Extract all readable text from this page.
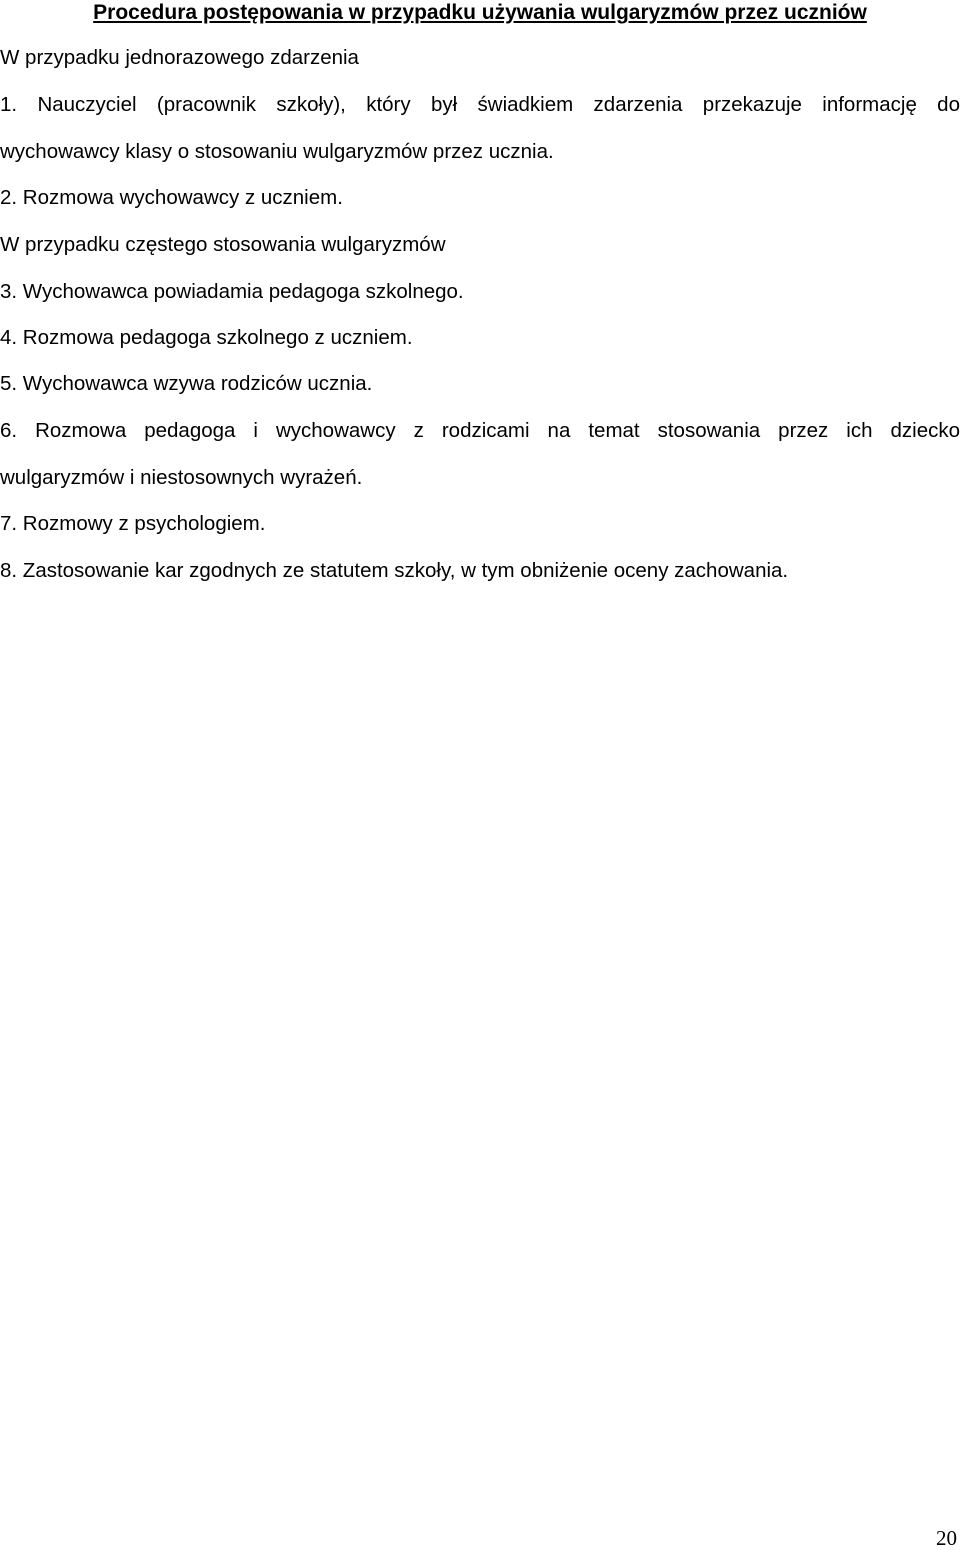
Procedura postępowania w przypadku używania wulgaryzmów przez uczniów
W przypadku jednorazowego zdarzenia
1. Nauczyciel (pracownik szkoły), który był świadkiem zdarzenia przekazuje informację do
wychowawcy klasy o stosowaniu wulgaryzmów przez ucznia.
2. Rozmowa wychowawcy z uczniem.
W przypadku częstego stosowania wulgaryzmów
3. Wychowawca powiadamia pedagoga szkolnego.
4. Rozmowa pedagoga szkolnego z uczniem.
5. Wychowawca wzywa rodziców ucznia.
6. Rozmowa pedagoga i wychowawcy z rodzicami na temat stosowania przez ich dziecko
wulgaryzmów i niestosownych wyrażeń.
7. Rozmowy z psychologiem.
8. Zastosowanie kar zgodnych ze statutem szkoły, w tym obniżenie oceny zachowania.
20
